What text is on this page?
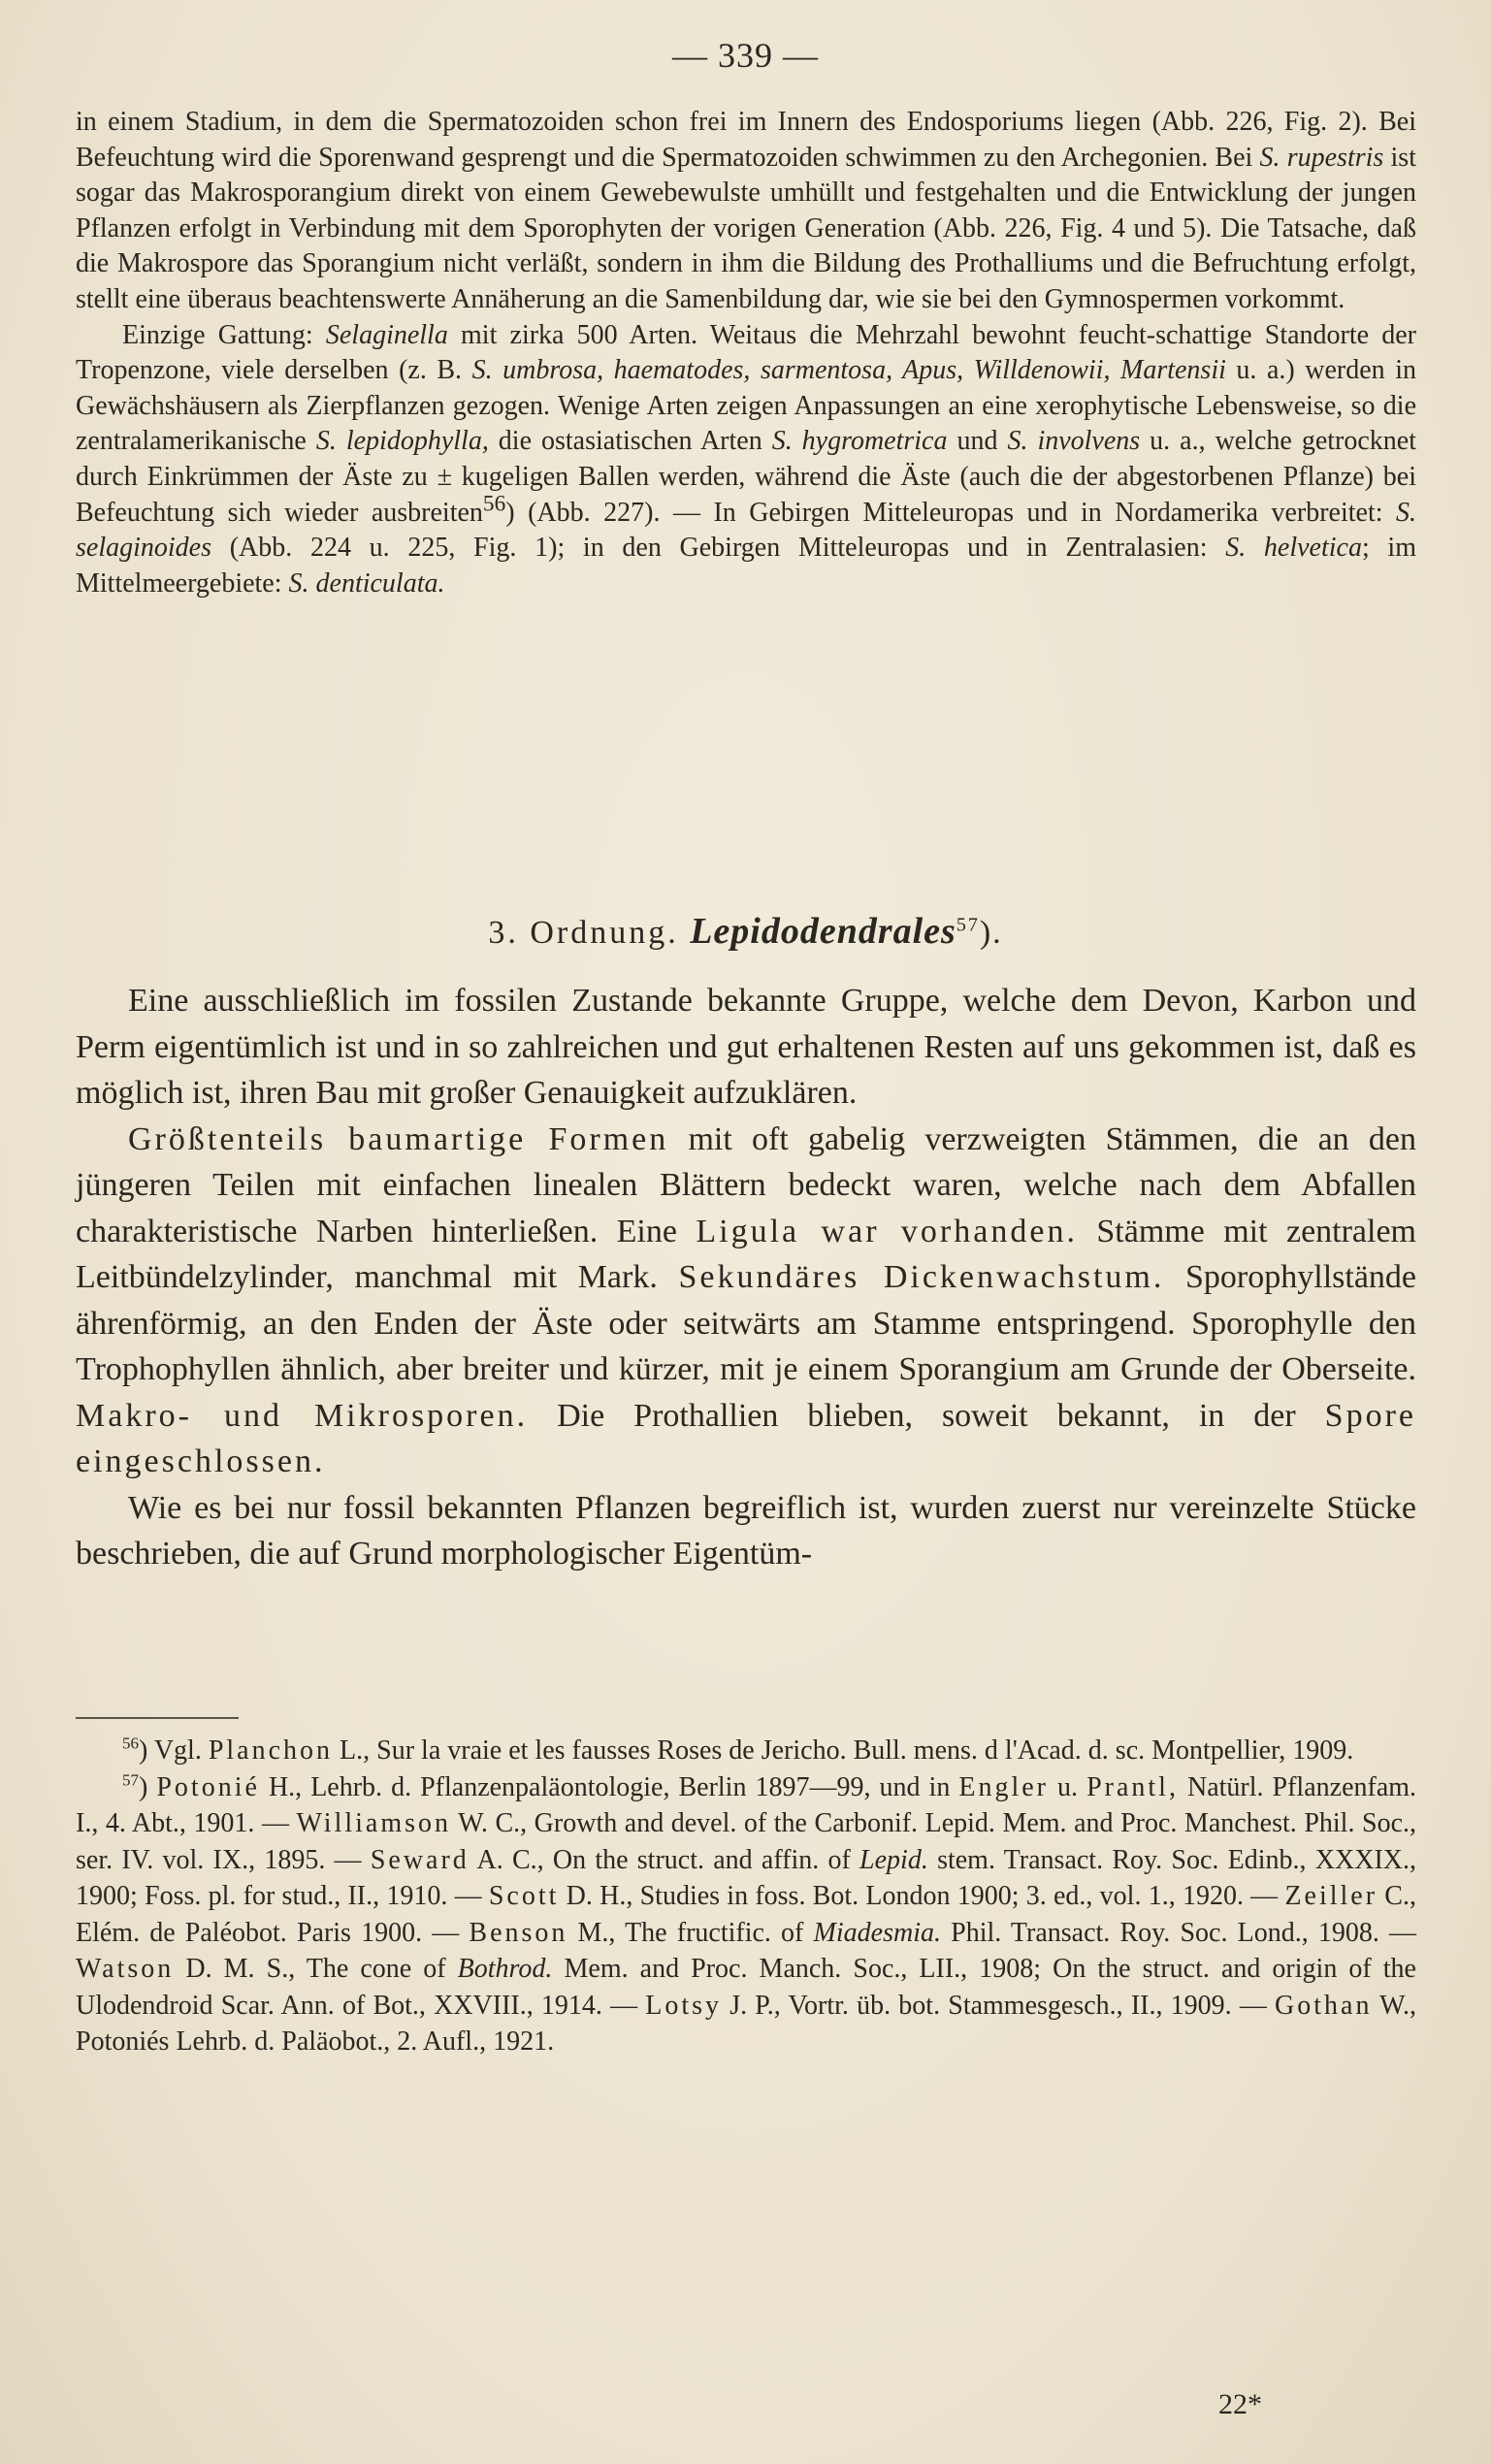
— 339 —

in einem Stadium, in dem die Spermatozoiden schon frei im Innern des Endosporiums liegen (Abb. 226, Fig. 2). Bei Befeuchtung wird die Sporenwand gesprengt und die Spermatozoiden schwimmen zu den Archegonien. Bei S. rupestris ist sogar das Makrosporangium direkt von einem Gewebewulste umhüllt und festgehalten und die Entwicklung der jungen Pflanzen erfolgt in Verbindung mit dem Sporophyten der vorigen Generation (Abb. 226, Fig. 4 und 5). Die Tatsache, daß die Makrospore das Sporangium nicht verläßt, sondern in ihm die Bildung des Prothalliums und die Befruchtung erfolgt, stellt eine überaus beachtenswerte Annäherung an die Samenbildung dar, wie sie bei den Gymnospermen vorkommt.

Einzige Gattung: Selaginella mit zirka 500 Arten. Weitaus die Mehrzahl bewohnt feucht-schattige Standorte der Tropenzone, viele derselben (z. B. S. umbrosa, haematodes, sarmentosa, Apus, Willdenowii, Martensii u. a.) werden in Gewächshäusern als Zierpflanzen gezogen. Wenige Arten zeigen Anpassungen an eine xerophytische Lebensweise, so die zentralamerikanische S. lepidophylla, die ostasiatischen Arten S. hygrometrica und S. involvens u. a., welche getrocknet durch Einkrümmen der Äste zu ± kugeligen Ballen werden, während die Äste (auch die der abgestorbenen Pflanze) bei Befeuchtung sich wieder ausbreiten$^{56}$) (Abb. 227). — In Gebirgen Mitteleuropas und in Nordamerika verbreitet: S. selaginoides (Abb. 224 u. 225, Fig. 1); in den Gebirgen Mitteleuropas und in Zentralasien: S. helvetica; im Mittelmeergebiete: S. denticulata.

3. Ordnung. Lepidodendrales$^{57}$).

Eine ausschließlich im fossilen Zustande bekannte Gruppe, welche dem Devon, Karbon und Perm eigentümlich ist und in so zahlreichen und gut erhaltenen Resten auf uns gekommen ist, daß es möglich ist, ihren Bau mit großer Genauigkeit aufzuklären.

Größtenteils baumartige Formen mit oft gabelig verzweigten Stämmen, die an den jüngeren Teilen mit einfachen linealen Blättern bedeckt waren, welche nach dem Abfallen charakteristische Narben hinterließen. Eine Ligula war vorhanden. Stämme mit zentralem Leitbündelzylinder, manchmal mit Mark. Sekundäres Dickenwachstum. Sporophyllstände ährenförmig, an den Enden der Äste oder seitwärts am Stamme entspringend. Sporophylle den Trophophyllen ähnlich, aber breiter und kürzer, mit je einem Sporangium am Grunde der Oberseite. Makro- und Mikrosporen. Die Prothallien blieben, soweit bekannt, in der Spore eingeschlossen.

Wie es bei nur fossil bekannten Pflanzen begreiflich ist, wurden zuerst nur vereinzelte Stücke beschrieben, die auf Grund morphologischer Eigentüm-

$^{56}$) Vgl. Planchon L., Sur la vraie et les fausses Roses de Jericho. Bull. mens. d l'Acad. d. sc. Montpellier, 1909.

$^{57}$) Potonié H., Lehrb. d. Pflanzenpaläontologie, Berlin 1897—99, und in Engler u. Prantl, Natürl. Pflanzenfam. I., 4. Abt., 1901. — Williamson W. C., Growth and devel. of the Carbonif. Lepid. Mem. and Proc. Manchest. Phil. Soc., ser. IV. vol. IX., 1895. — Seward A. C., On the struct. and affin. of Lepid. stem. Transact. Roy. Soc. Edinb., XXXIX., 1900; Foss. pl. for stud., II., 1910. — Scott D. H., Studies in foss. Bot. London 1900; 3. ed., vol. 1., 1920. — Zeiller C., Elém. de Paléobot. Paris 1900. — Benson M., The fructific. of Miadesmia. Phil. Transact. Roy. Soc. Lond., 1908. — Watson D. M. S., The cone of Bothrod. Mem. and Proc. Manch. Soc., LII., 1908; On the struct. and origin of the Ulodendroid Scar. Ann. of Bot., XXVIII., 1914. — Lotsy J. P., Vortr. üb. bot. Stammesgesch., II., 1909. — Gothan W., Potoniés Lehrb. d. Paläobot., 2. Aufl., 1921.

22*
